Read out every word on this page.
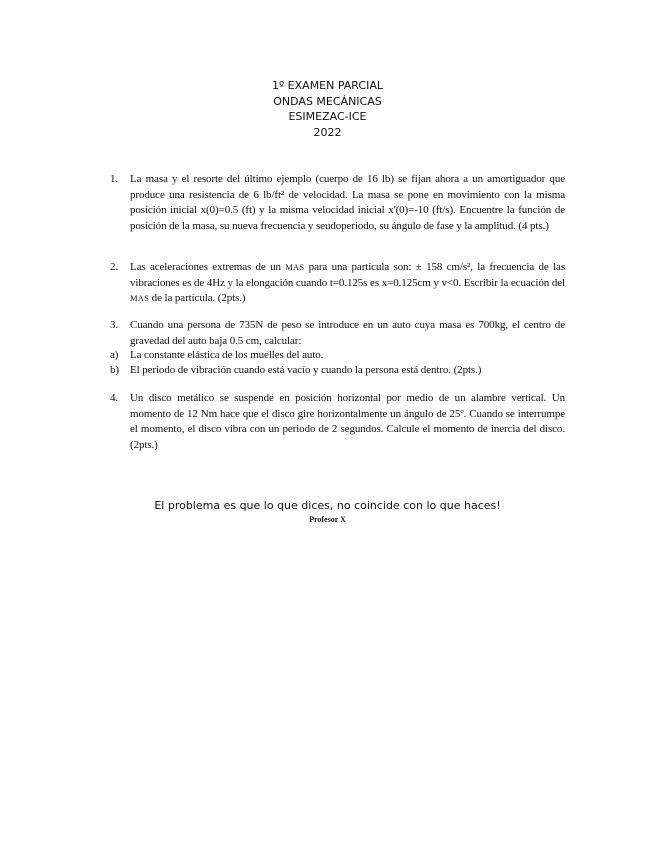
1º EXAMEN PARCIAL
ONDAS MECÁNICAS
ESIMEZAC-ICE
2022
1. La masa y el resorte del último ejemplo (cuerpo de 16 lb) se fijan ahora a un amortiguador que produce una resistencia de 6 lb/ft² de velocidad. La masa se pone en movimiento con la misma posición inicial x(0)=0.5 (ft) y la misma velocidad inicial x'(0)=-10 (ft/s). Encuentre la función de posición de la masa, su nueva frecuencia y seudoperiodo, su ángulo de fase y la amplitud. (4 pts.)
2. Las aceleraciones extremas de un MAS para una partícula son: ± 158 cm/s², la frecuencia de las vibraciones es de 4Hz y la elongación cuando t=0.125s es x=0.125cm y v<0. Escribir la ecuación del MAS de la partícula. (2pts.)
3. Cuando una persona de 735N de peso se introduce en un auto cuya masa es 700kg, el centro de gravedad del auto baja 0.5 cm, calcular:
a) La constante elástica de los muelles del auto.
b) El periodo de vibración cuando está vacío y cuando la persona está dentro. (2pts.)
4. Un disco metálico se suspende en posición horizontal por medio de un alambre vertical. Un momento de 12 Nm hace que el disco gire horizontalmente un ángulo de 25º. Cuando se interrumpe el momento, el disco vibra con un periodo de 2 segundos. Calcule el momento de inercia del disco. (2pts.)
El problema es que lo que dices, no coincide con lo que haces!
Profesor X
